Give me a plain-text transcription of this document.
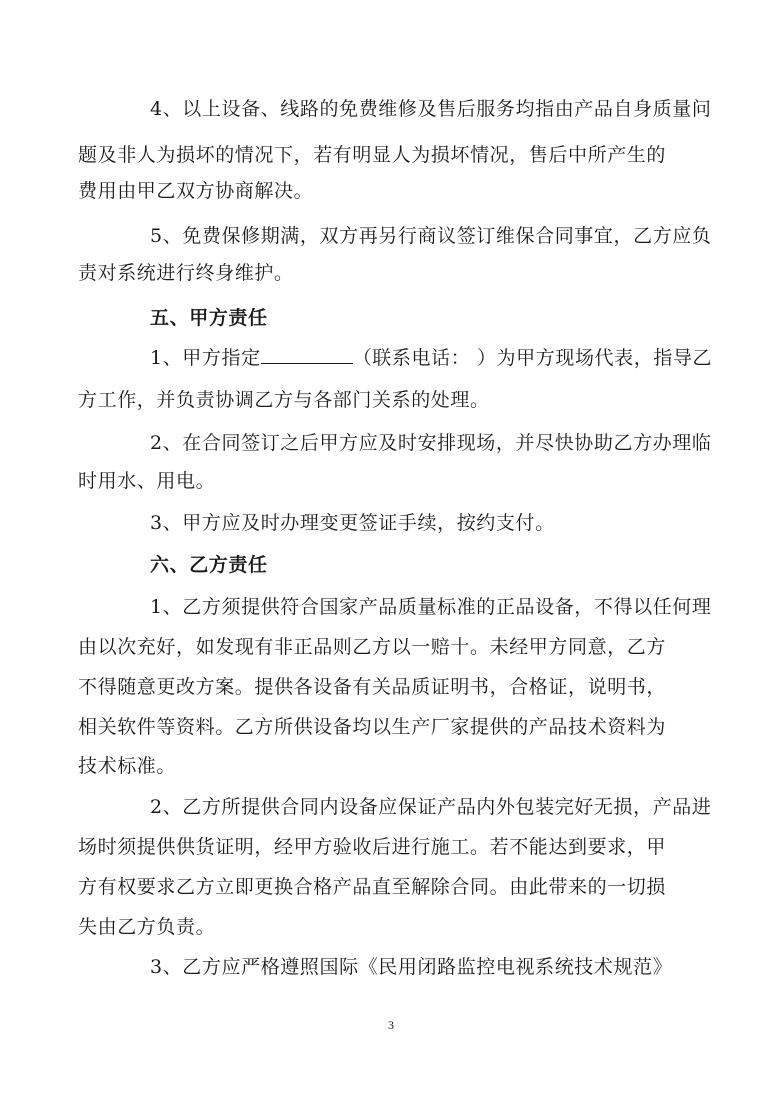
4、以上设备、线路的免费维修及售后服务均指由产品自身质量问

题及非人为损坏的情况下，若有明显人为损坏情况，售后中所产生的

费用由甲乙双方协商解决。

5、免费保修期满，双方再另行商议签订维保合同事宜，乙方应负

责对系统进行终身维护。

五、甲方责任

1、甲方指定	（联系电话： ）为甲方现场代表，指导乙

方工作，并负责协调乙方与各部门关系的处理。

2、在合同签订之后甲方应及时安排现场，并尽快协助乙方办理临

时用水、用电。

3、甲方应及时办理变更签证手续，按约支付。

六、乙方责任

1、乙方须提供符合国家产品质量标准的正品设备，不得以任何理

由以次充好，如发现有非正品则乙方以一赔十。未经甲方同意，乙方

不得随意更改方案。提供各设备有关品质证明书，合格证，说明书，

相关软件等资料。乙方所供设备均以生产厂家提供的产品技术资料为

技术标准。

2、乙方所提供合同内设备应保证产品内外包装完好无损，产品进

场时须提供供货证明，经甲方验收后进行施工。若不能达到要求，甲

方有权要求乙方立即更换合格产品直至解除合同。由此带来的一切损

失由乙方负责。

3、乙方应严格遵照国际《民用闭路监控电视系统技术规范》

3
